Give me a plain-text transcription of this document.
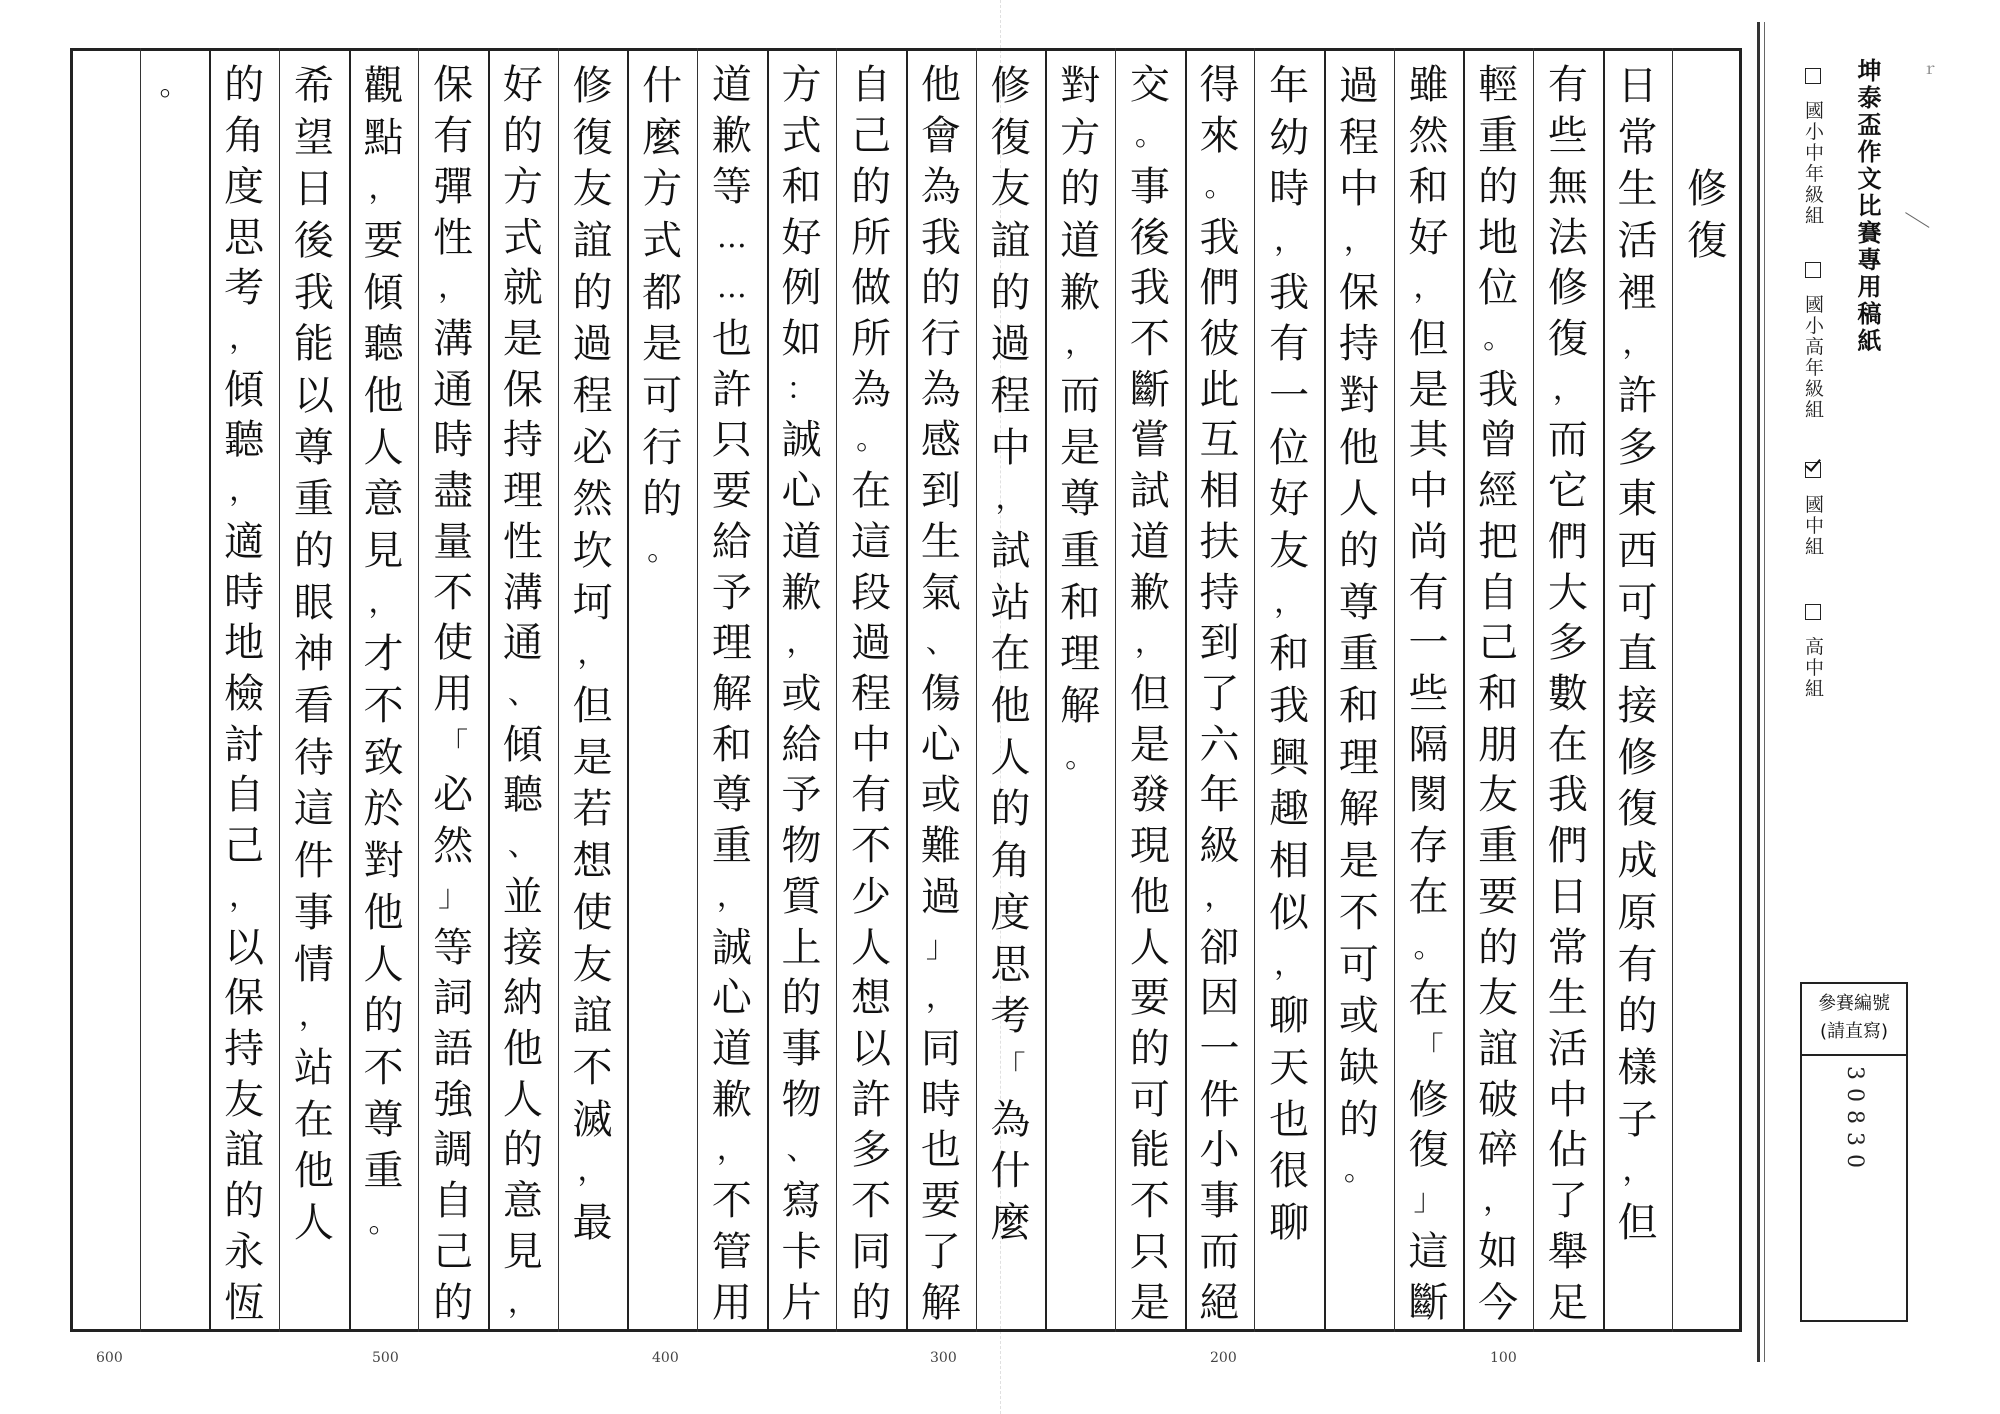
修
復
日
常
生
活
裡
，
許
多
東
西
可
直
接
修
復
成
原
有
的
樣
子
，
但
有
些
無
法
修
復
，
而
它
們
大
多
數
在
我
們
日
常
生
活
中
佔
了
舉
足
輕
重
的
地
位
。
我
曾
經
把
自
己
和
朋
友
重
要
的
友
誼
破
碎
，
如
今
雖
然
和
好
，
但
是
其
中
尚
有
一
些
隔
閡
存
在
。
在
「
修
復
」
這
斷
過
程
中
，
保
持
對
他
人
的
尊
重
和
理
解
是
不
可
或
缺
的
。
年
幼
時
，
我
有
一
位
好
友
，
和
我
興
趣
相
似
，
聊
天
也
很
聊
得
來
。
我
們
彼
此
互
相
扶
持
到
了
六
年
級
，
卻
因
一
件
小
事
而
絕
交
。
事
後
我
不
斷
嘗
試
道
歉
，
但
是
發
現
他
人
要
的
可
能
不
只
是
對
方
的
道
歉
，
而
是
尊
重
和
理
解
。
修
復
友
誼
的
過
程
中
，
試
站
在
他
人
的
角
度
思
考
「
為
什
麼
他
會
為
我
的
行
為
感
到
生
氣
、
傷
心
或
難
過
」
，
同
時
也
要
了
解
自
己
的
所
做
所
為
。
在
這
段
過
程
中
有
不
少
人
想
以
許
多
不
同
的
方
式
和
好
例
如
：
誠
心
道
歉
，
或
給
予
物
質
上
的
事
物
、
寫
卡
片
道
歉
等
…
…
也
許
只
要
給
予
理
解
和
尊
重
，
誠
心
道
歉
，
不
管
用
什
麼
方
式
都
是
可
行
的
。
修
復
友
誼
的
過
程
必
然
坎
坷
，
但
是
若
想
使
友
誼
不
滅
，
最
好
的
方
式
就
是
保
持
理
性
溝
通
、
傾
聽
、
並
接
納
他
人
的
意
見
，
保
有
彈
性
，
溝
通
時
盡
量
不
使
用
「
必
然
」
等
詞
語
強
調
自
己
的
觀
點
，
要
傾
聽
他
人
意
見
，
才
不
致
於
對
他
人
的
不
尊
重
。
希
望
日
後
我
能
以
尊
重
的
眼
神
看
待
這
件
事
情
，
站
在
他
人
的
角
度
思
考
，
傾
聽
，
適
時
地
檢
討
自
己
，
以
保
持
友
誼
的
永
恆
。
600	500	400	300	200	100
坤泰盃作文比賽專用稿紙
國小中年級組
國小高年級組
國中組
高中組
參賽編號
(請直寫)
30830
ｒ
